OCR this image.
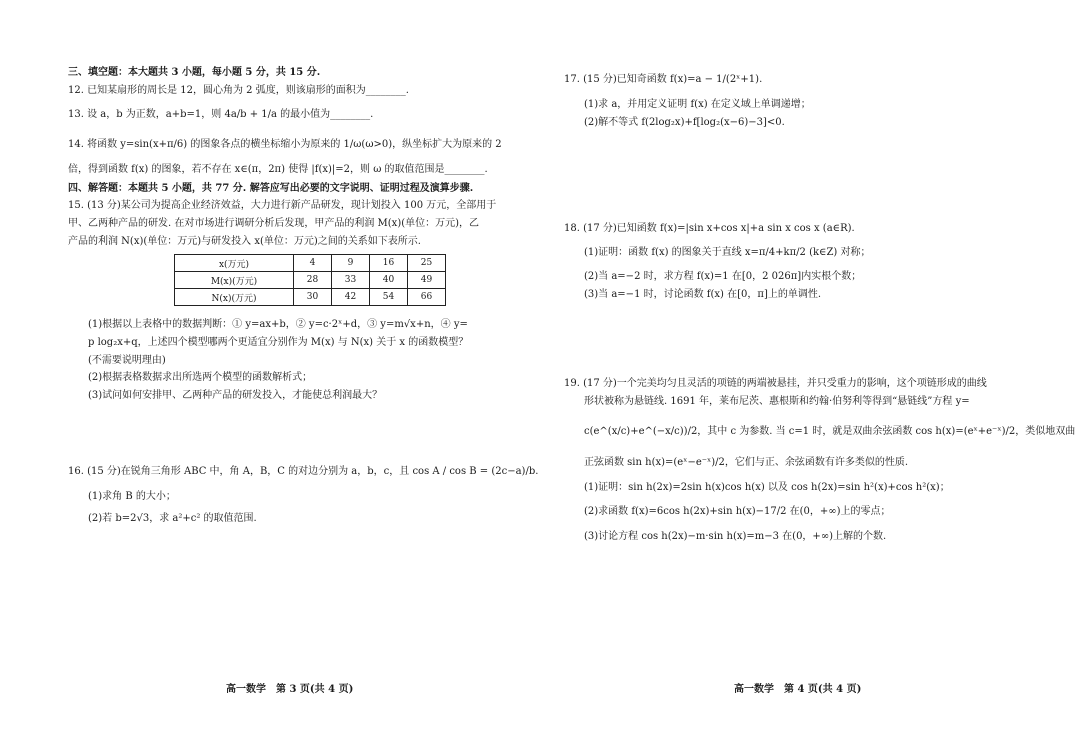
三、填空题：本大题共 3 小题，每小题 5 分，共 15 分.
12. 已知某扇形的周长是 12，圆心角为 2 弧度，则该扇形的面积为________.
13. 设 a，b 为正数，a+b=1，则 4a/b + 1/a 的最小值为________.
14. 将函数 y=sin(x+π/6) 的图象各点的横坐标缩小为原来的 1/ω(ω>0)，纵坐标扩大为原来的 2
倍，得到函数 f(x) 的图象，若不存在 x∈(π，2π) 使得 |f(x)|=2，则 ω 的取值范围是________.
四、解答题：本题共 5 小题，共 77 分. 解答应写出必要的文字说明、证明过程及演算步骤.
15. (13 分)某公司为提高企业经济效益，大力进行新产品研发，现计划投入 100 万元，全部用于
甲、乙两种产品的研发. 在对市场进行调研分析后发现，甲产品的利润 M(x)(单位：万元)，乙
产品的利润 N(x)(单位：万元)与研发投入 x(单位：万元)之间的关系如下表所示.
x(万元)	4	9	16	25
M(x)(万元)	28	33	40	49
N(x)(万元)	30	42	54	66
(1)根据以上表格中的数据判断：① y=ax+b，② y=c·2ˣ+d，③ y=m√x+n，④ y=
p log₂x+q，上述四个模型哪两个更适宜分别作为 M(x) 与 N(x) 关于 x 的函数模型？
(不需要说明理由)
(2)根据表格数据求出所选两个模型的函数解析式；
(3)试问如何安排甲、乙两种产品的研发投入，才能使总利润最大？
16. (15 分)在锐角三角形 ABC 中，角 A，B，C 的对边分别为 a，b，c，且 cos A / cos B = (2c−a)/b.
(1)求角 B 的大小；
(2)若 b=2√3，求 a²+c² 的取值范围.
高一数学　第 3 页(共 4 页)
17. (15 分)已知奇函数 f(x)=a − 1/(2ˣ+1).
(1)求 a，并用定义证明 f(x) 在定义域上单调递增；
(2)解不等式 f(2log₂x)+f[log₂(x−6)−3]<0.
18. (17 分)已知函数 f(x)=|sin x+cos x|+a sin x cos x (a∈R).
(1)证明：函数 f(x) 的图象关于直线 x=π/4+kπ/2 (k∈Z) 对称；
(2)当 a=−2 时，求方程 f(x)=1 在[0，2 026π]内实根个数；
(3)当 a=−1 时，讨论函数 f(x) 在[0，π]上的单调性.
19. (17 分)一个完美均匀且灵活的项链的两端被悬挂，并只受重力的影响，这个项链形成的曲线
形状被称为悬链线. 1691 年，莱布尼茨、惠根斯和约翰·伯努利等得到“悬链线”方程 y=
c(e^(x/c)+e^(−x/c))/2，其中 c 为参数. 当 c=1 时，就是双曲余弦函数 cos h(x)=(eˣ+e⁻ˣ)/2，类似地双曲
正弦函数 sin h(x)=(eˣ−e⁻ˣ)/2，它们与正、余弦函数有许多类似的性质.
(1)证明：sin h(2x)=2sin h(x)cos h(x) 以及 cos h(2x)=sin h²(x)+cos h²(x)；
(2)求函数 f(x)=6cos h(2x)+sin h(x)−17/2 在(0，+∞)上的零点；
(3)讨论方程 cos h(2x)−m·sin h(x)=m−3 在(0，+∞)上解的个数.
高一数学　第 4 页(共 4 页)
